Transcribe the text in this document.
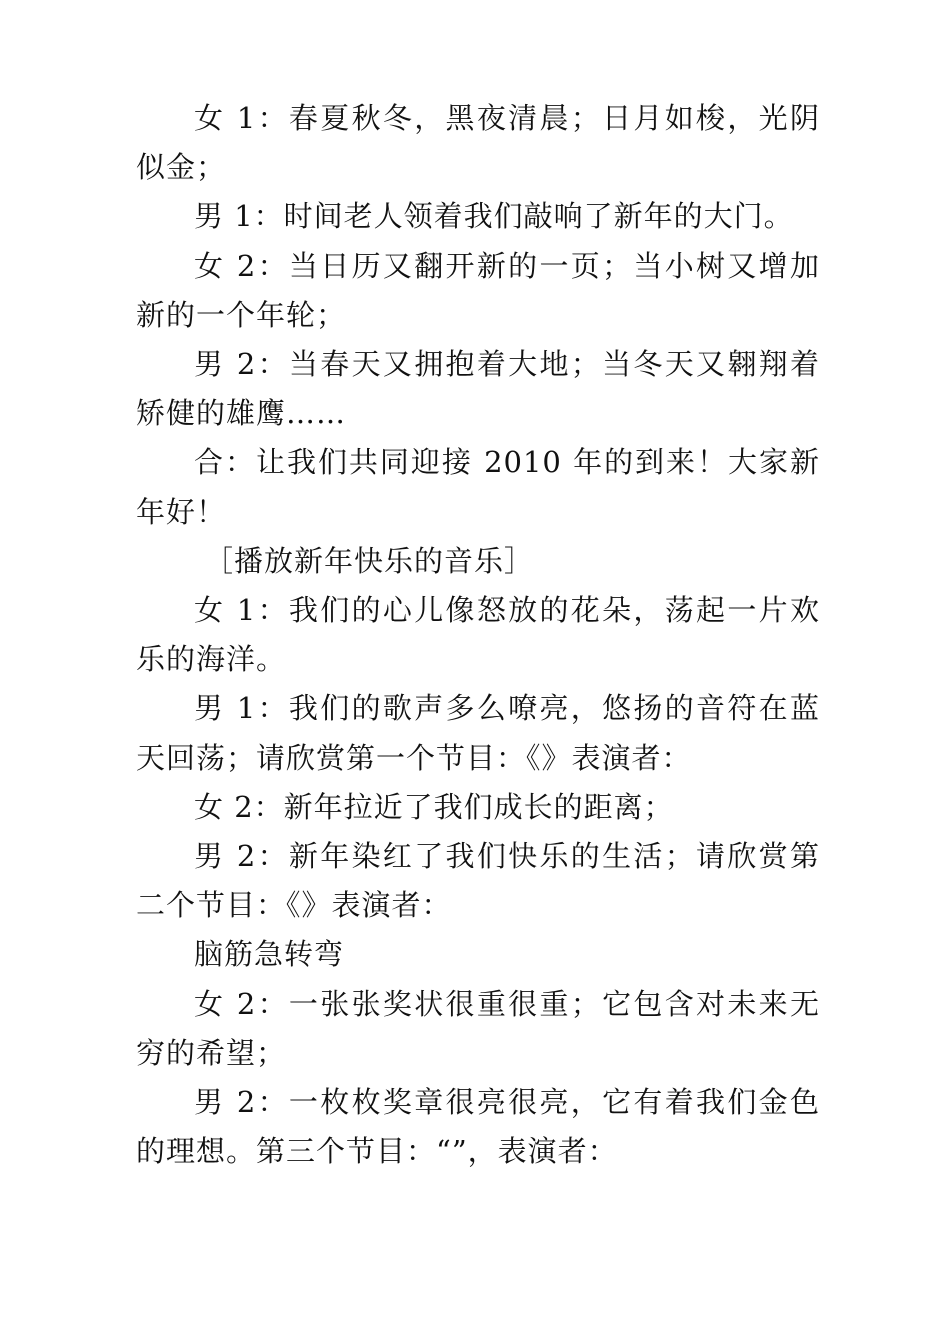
女 1：春夏秋冬，黑夜清晨；日月如梭，光阴似金；

男 1：时间老人领着我们敲响了新年的大门。

女 2：当日历又翻开新的一页；当小树又增加新的一个年轮；

男 2：当春天又拥抱着大地；当冬天又翱翔着矫健的雄鹰……

合：让我们共同迎接 2010 年的到来！大家新年好！

［播放新年快乐的音乐］

女 1：我们的心儿像怒放的花朵，荡起一片欢乐的海洋。

男 1：我们的歌声多么嘹亮，悠扬的音符在蓝天回荡；请欣赏第一个节目：《》表演者：

女 2：新年拉近了我们成长的距离；

男 2：新年染红了我们快乐的生活；请欣赏第二个节目：《》表演者：

脑筋急转弯

女 2：一张张奖状很重很重；它包含对未来无穷的希望；

男 2：一枚枚奖章很亮很亮，它有着我们金色的理想。第三个节目：“”，表演者：
